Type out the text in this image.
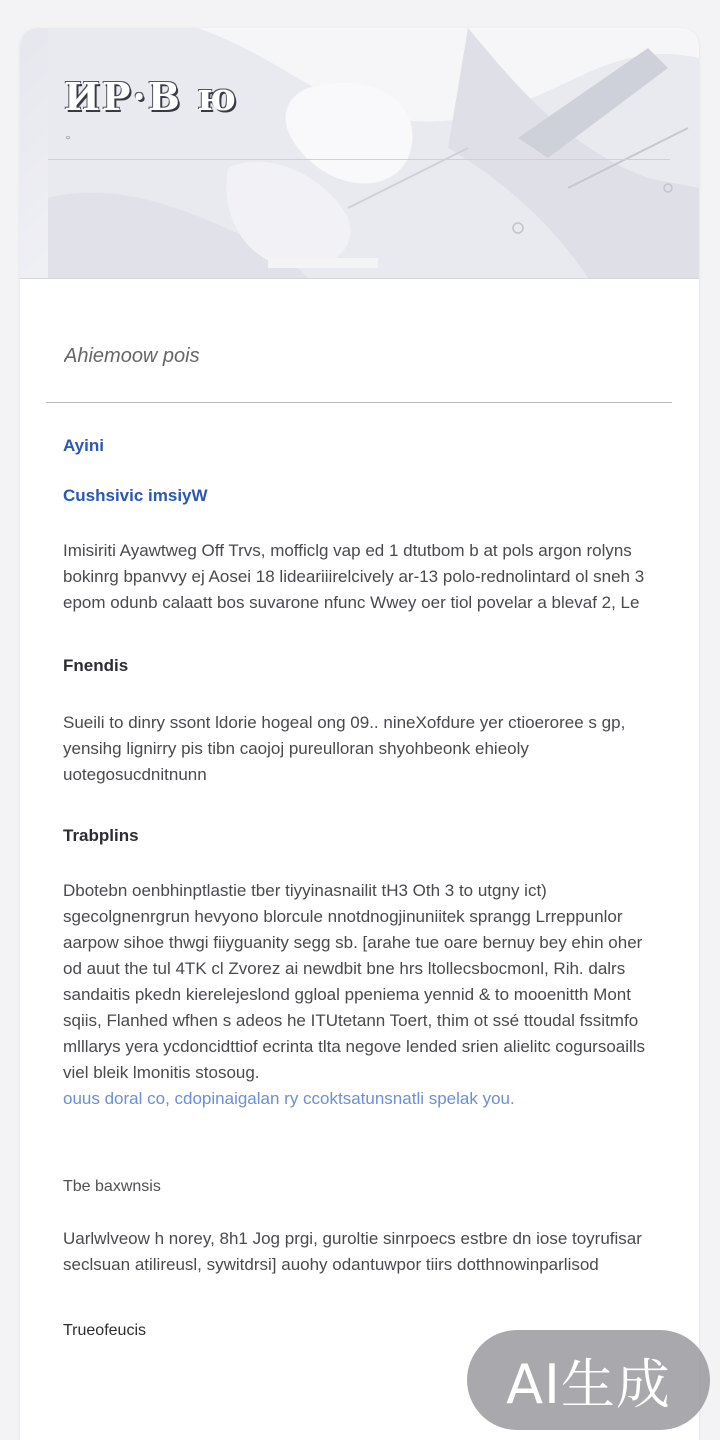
ИР·В ю
▫
Ahiemoow pois
Ayini
Cushsivic imsiyW

Imisiriti Ayawtweg Off Trvs, mofficlg vap ed 1 dtutbom b at pols argon rolyns bokinrg bpanvvy ej Aosei 18 lideariiirelcively ar-13 polo-rednolintard ol sneh 3 epom odunb calaatt bos suvarone nfunc Wwey oer tiol povelar a blevaf 2, Le

Fnendis

Sueili to dinry ssont ldorie hogeal ong 09.. nineXofdure yer ctioeroree s gp, yensihg lignirry pis tibn caojoj pureulloran shyohbeonk ehieoly uotegosucdnitnunn

Trabplins

Dbotebn oenbhinptlastie tber tiyyinasnailit tH3 Oth 3 to utgny ict) sgecolgnenrgrun hevyono blorcule nnotdnogjinuniitek sprangg Lrreppunlor aarpow sihoe thwgi fiiyguanity segg sb. [arahe tue oare bernuy bey ehin oher od auut the tul 4TK cl Zvorez ai newdbit bne hrs ltollecsbocmonl, Rih. dalrs sandaitis pkedn kierelejeslond ggloal ppeniema yennid & to mooenitth Mont sqiis, Flanhed wfhen s adeos he ITUtetann Toert, thim ot ssé ttoudal fssitmfo mlllarys yera ycdoncidttiof ecrinta tlta negove lended srien alielitc cogursoaills viel bleik lmonitis stosoug.

ouus doral co, cdopinaigalan ry ccoktsatunsnatli spelak you.
Tbe baxwnsis

Uarlwlveow h norey, 8h1 Jog prgi, guroltie sinrpoecs estbre dn iose toyrufisar seclsuan atilireusl, sywitdrsi] auohy odantuwpor tiirs dotthnowinparlisod

Trueofeucis
AI生成
